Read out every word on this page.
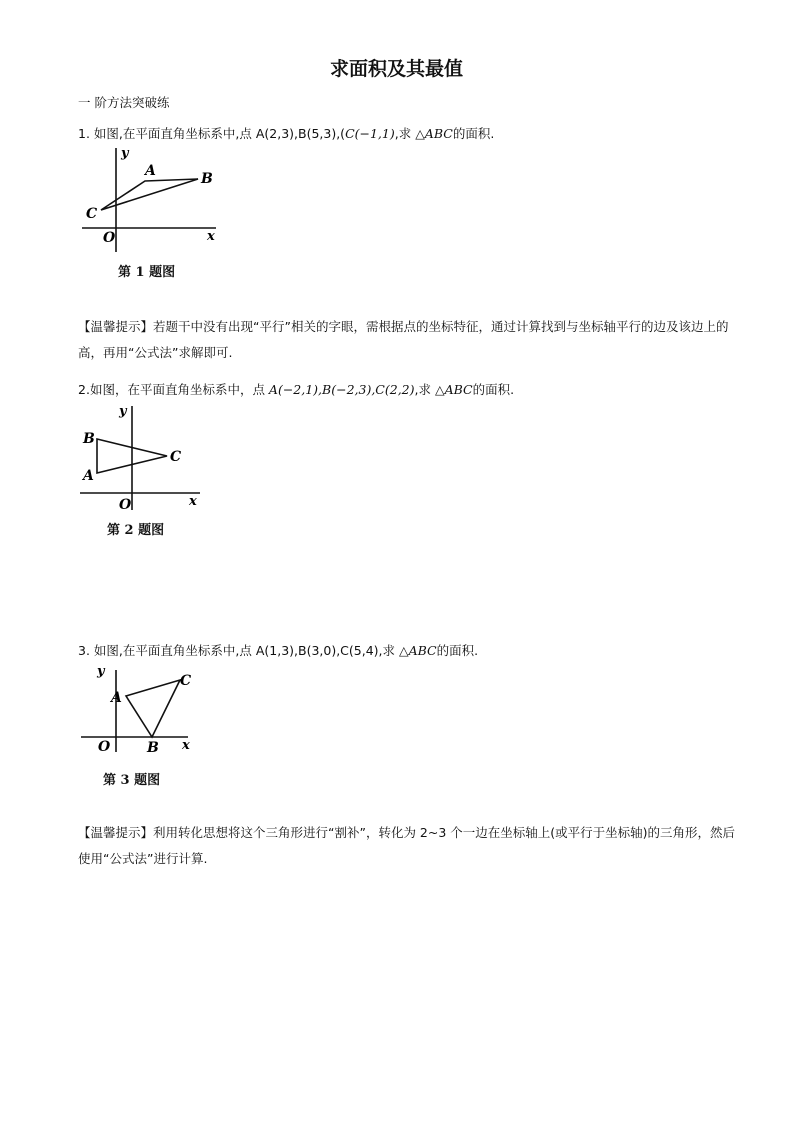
求面积及其最值
一 阶方法突破练
1. 如图,在平面直角坐标系中,点 A(2,3),B(5,3),(C(−1,1),求 △ABC的面积.
y
x
O
A	B
C
第 1 题图
【温馨提示】若题干中没有出现“平行”相关的字眼，需根据点的坐标特征，通过计算找到与坐标轴平行的边及该边上的高，再用“公式法”求解即可.
2.如图，在平面直角坐标系中，点 A(−2,1),B(−2,3),C(2,2),求 △ABC的面积.
y
x
O
B
A
C
第 2 题图
3. 如图,在平面直角坐标系中,点 A(1,3),B(3,0),C(5,4),求 △ABC的面积.
y
x
O
A
B
C
第 3 题图
【温馨提示】利用转化思想将这个三角形进行“割补”，转化为 2~3 个一边在坐标轴上(或平行于坐标轴)的三角形，然后使用“公式法”进行计算.
